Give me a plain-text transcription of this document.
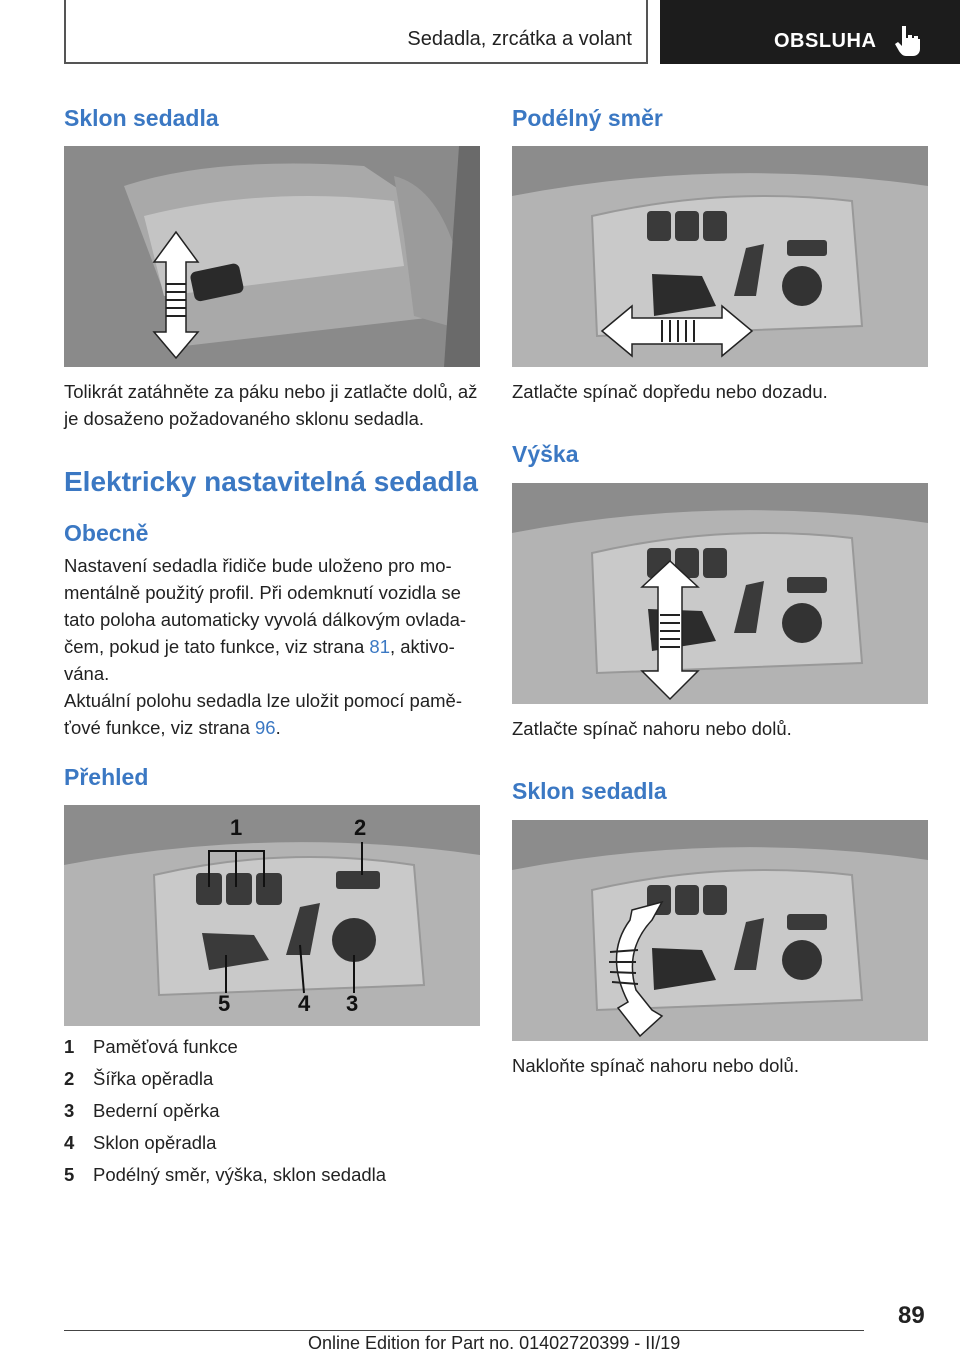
Sedadla, zrcátka a volant	OBSLUHA
Sklon sedadla

Tolikrát zatáhněte za páku nebo ji zatlačte dolů, až je dosaženo požadovaného sklonu sedadla.

Elektricky nastavitelná sedadla
Obecně
Nastavení sedadla řidiče bude uloženo pro mo-
mentálně použitý profil. Při odemknutí vozidla se
tato poloha automaticky vyvolá dálkovým ovlada-
čem, pokud je tato funkce, viz strana 81, aktivo-
vána.
Aktuální polohu sedadla lze uložit pomocí pamě-
ťové funkce, viz strana 96.
Přehled
1	2
3
4
5
1 Paměťová funkce
2 Šířka opěradla
3 Bederní opěrka
4 Sklon opěradla
5 Podélný směr, výška, sklon sedadla
Podélný směr

Zatlačte spínač dopředu nebo dozadu.

Výška

Zatlačte spínač nahoru nebo dolů.

Sklon sedadla

Nakloňte spínač nahoru nebo dolů.

89
Online Edition for Part no. 01402720399 - II/19
